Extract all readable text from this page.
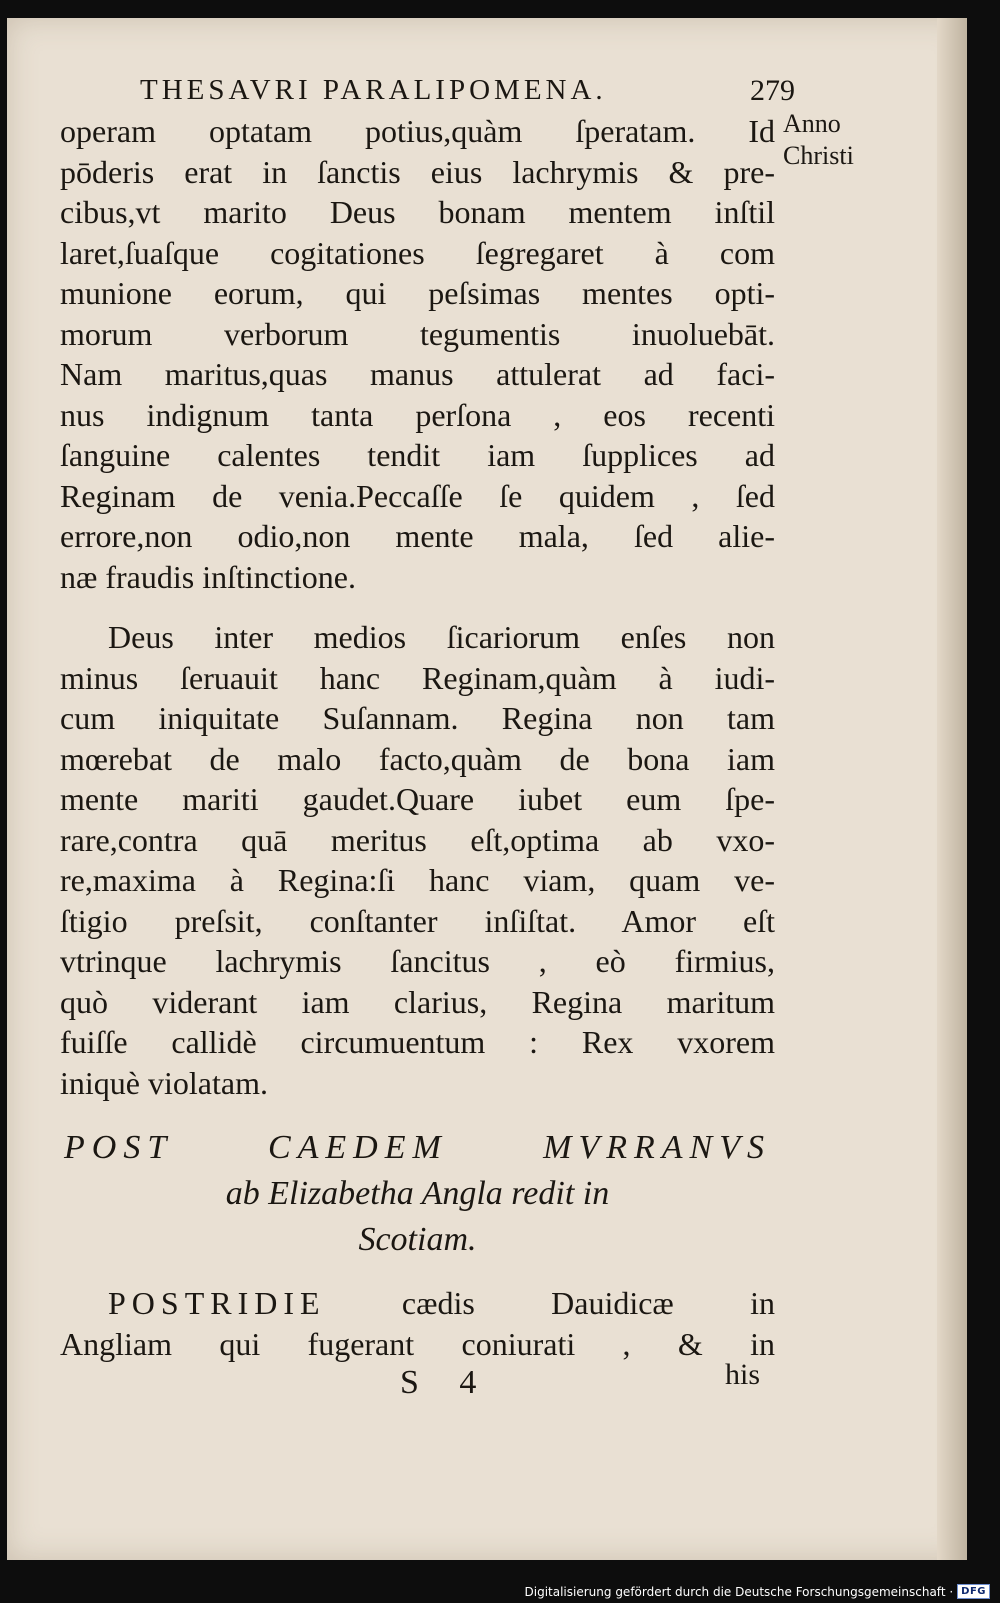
Anno
Christi
THESAVRI PARALIPOMENA.	279
operam optatam potius,quàm ſperatam. Id
pōderis erat in ſanctis eius lachrymis & pre-
cibus,vt marito Deus bonam mentem inſtil
laret,ſuaſque cogitationes ſegregaret à com
munione eorum, qui peſsimas mentes opti-
morum verborum tegumentis inuoluebāt.
Nam maritus,quas manus attulerat ad faci-
nus indignum tanta perſona , eos recenti
ſanguine calentes tendit iam ſupplices ad
Reginam de venia.Peccaſſe ſe quidem , ſed
errore,non odio,non mente mala, ſed alie-
næ fraudis inſtinctione.
Deus inter medios ſicariorum enſes non
minus ſeruauit hanc Reginam,quàm à iudi-
cum iniquitate Suſannam. Regina non tam
mœrebat de malo facto,quàm de bona iam
mente mariti gaudet.Quare iubet eum ſpe-
rare,contra quā meritus eſt,optima ab vxo-
re,maxima à Regina:ſi hanc viam, quam ve-
ſtigio preſsit, conſtanter inſiſtat. Amor eſt
vtrinque lachrymis ſancitus , eò firmius,
quò viderant iam clarius, Regina maritum
fuiſſe callidè circumuentum : Rex vxorem
iniquè violatam.
POST CAEDEM MVRRANVS
ab Elizabetha Angla redit in
Scotiam.
POSTRIDIE cædis Dauidicæ in
Angliam qui fugerant coniurati , & in
S 4	his
Digitalisierung gefördert durch die Deutsche Forschungsgemeinschaft · DFG
